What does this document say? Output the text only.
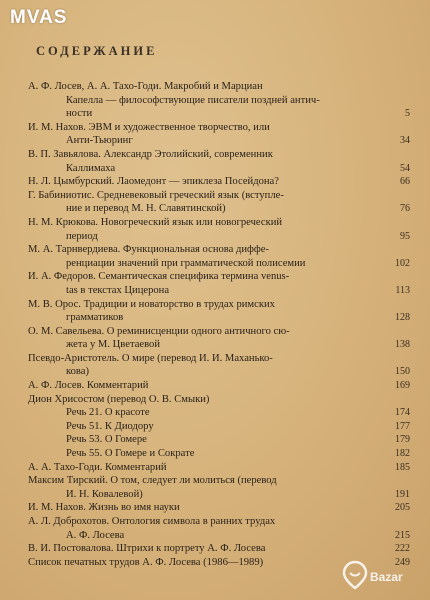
MVAS
СОДЕРЖАНИЕ
А. Ф. Лосев, А. А. Тахо-Годи. Макробий и Марциан
Капелла — философствующие писатели поздней антич-
ности	5
И. М. Нахов. ЭВМ и художественное творчество, или
Анти-Тьюринг	34
В. П. Завьялова. Александр Этолийский, современник
Каллимаха	54
Н. Л. Цымбурский. Лаомедонт — эпиклеза Посейдона?	66
Г. Бабиниотис. Средневековый греческий язык (вступле-
ние и перевод М. Н. Славятинской)	76
Н. М. Крюкова. Новогреческий язык или новогреческий
период	95
М. А. Тарнвердиева. Функциональная основа диффе-
ренциации значений при грамматической полисемии	102
И. А. Федоров. Семантическая специфика термина venus-
tas в текстах Цицерона	113
М. В. Орос. Традиции и новаторство в трудах римских
грамматиков	128
О. М. Савельева. О реминисценции одного античного сю-
жета у М. Цветаевой	138
Псевдо-Аристотель. О мире (перевод И. И. Маханько-
кова)	150
А. Ф. Лосев. Комментарий	169
Дион Хрисостом (перевод О. В. Смыки)
Речь 21. О красоте	174
Речь 51. К Диодору	177
Речь 53. О Гомере	179
Речь 55. О Гомере и Сократе	182
А. А. Тахо-Годи. Комментарий	185
Максим Тирский. О том, следует ли молиться (перевод
И. Н. Ковалевой)	191
И. М. Нахов. Жизнь во имя науки	205
А. Л. Доброхотов. Онтология символа в ранних трудах
А. Ф. Лосева	215
В. И. Постовалова. Штрихи к портрету А. Ф. Лосева	222
Список печатных трудов А. Ф. Лосева (1986—1989)	249
Bazar
